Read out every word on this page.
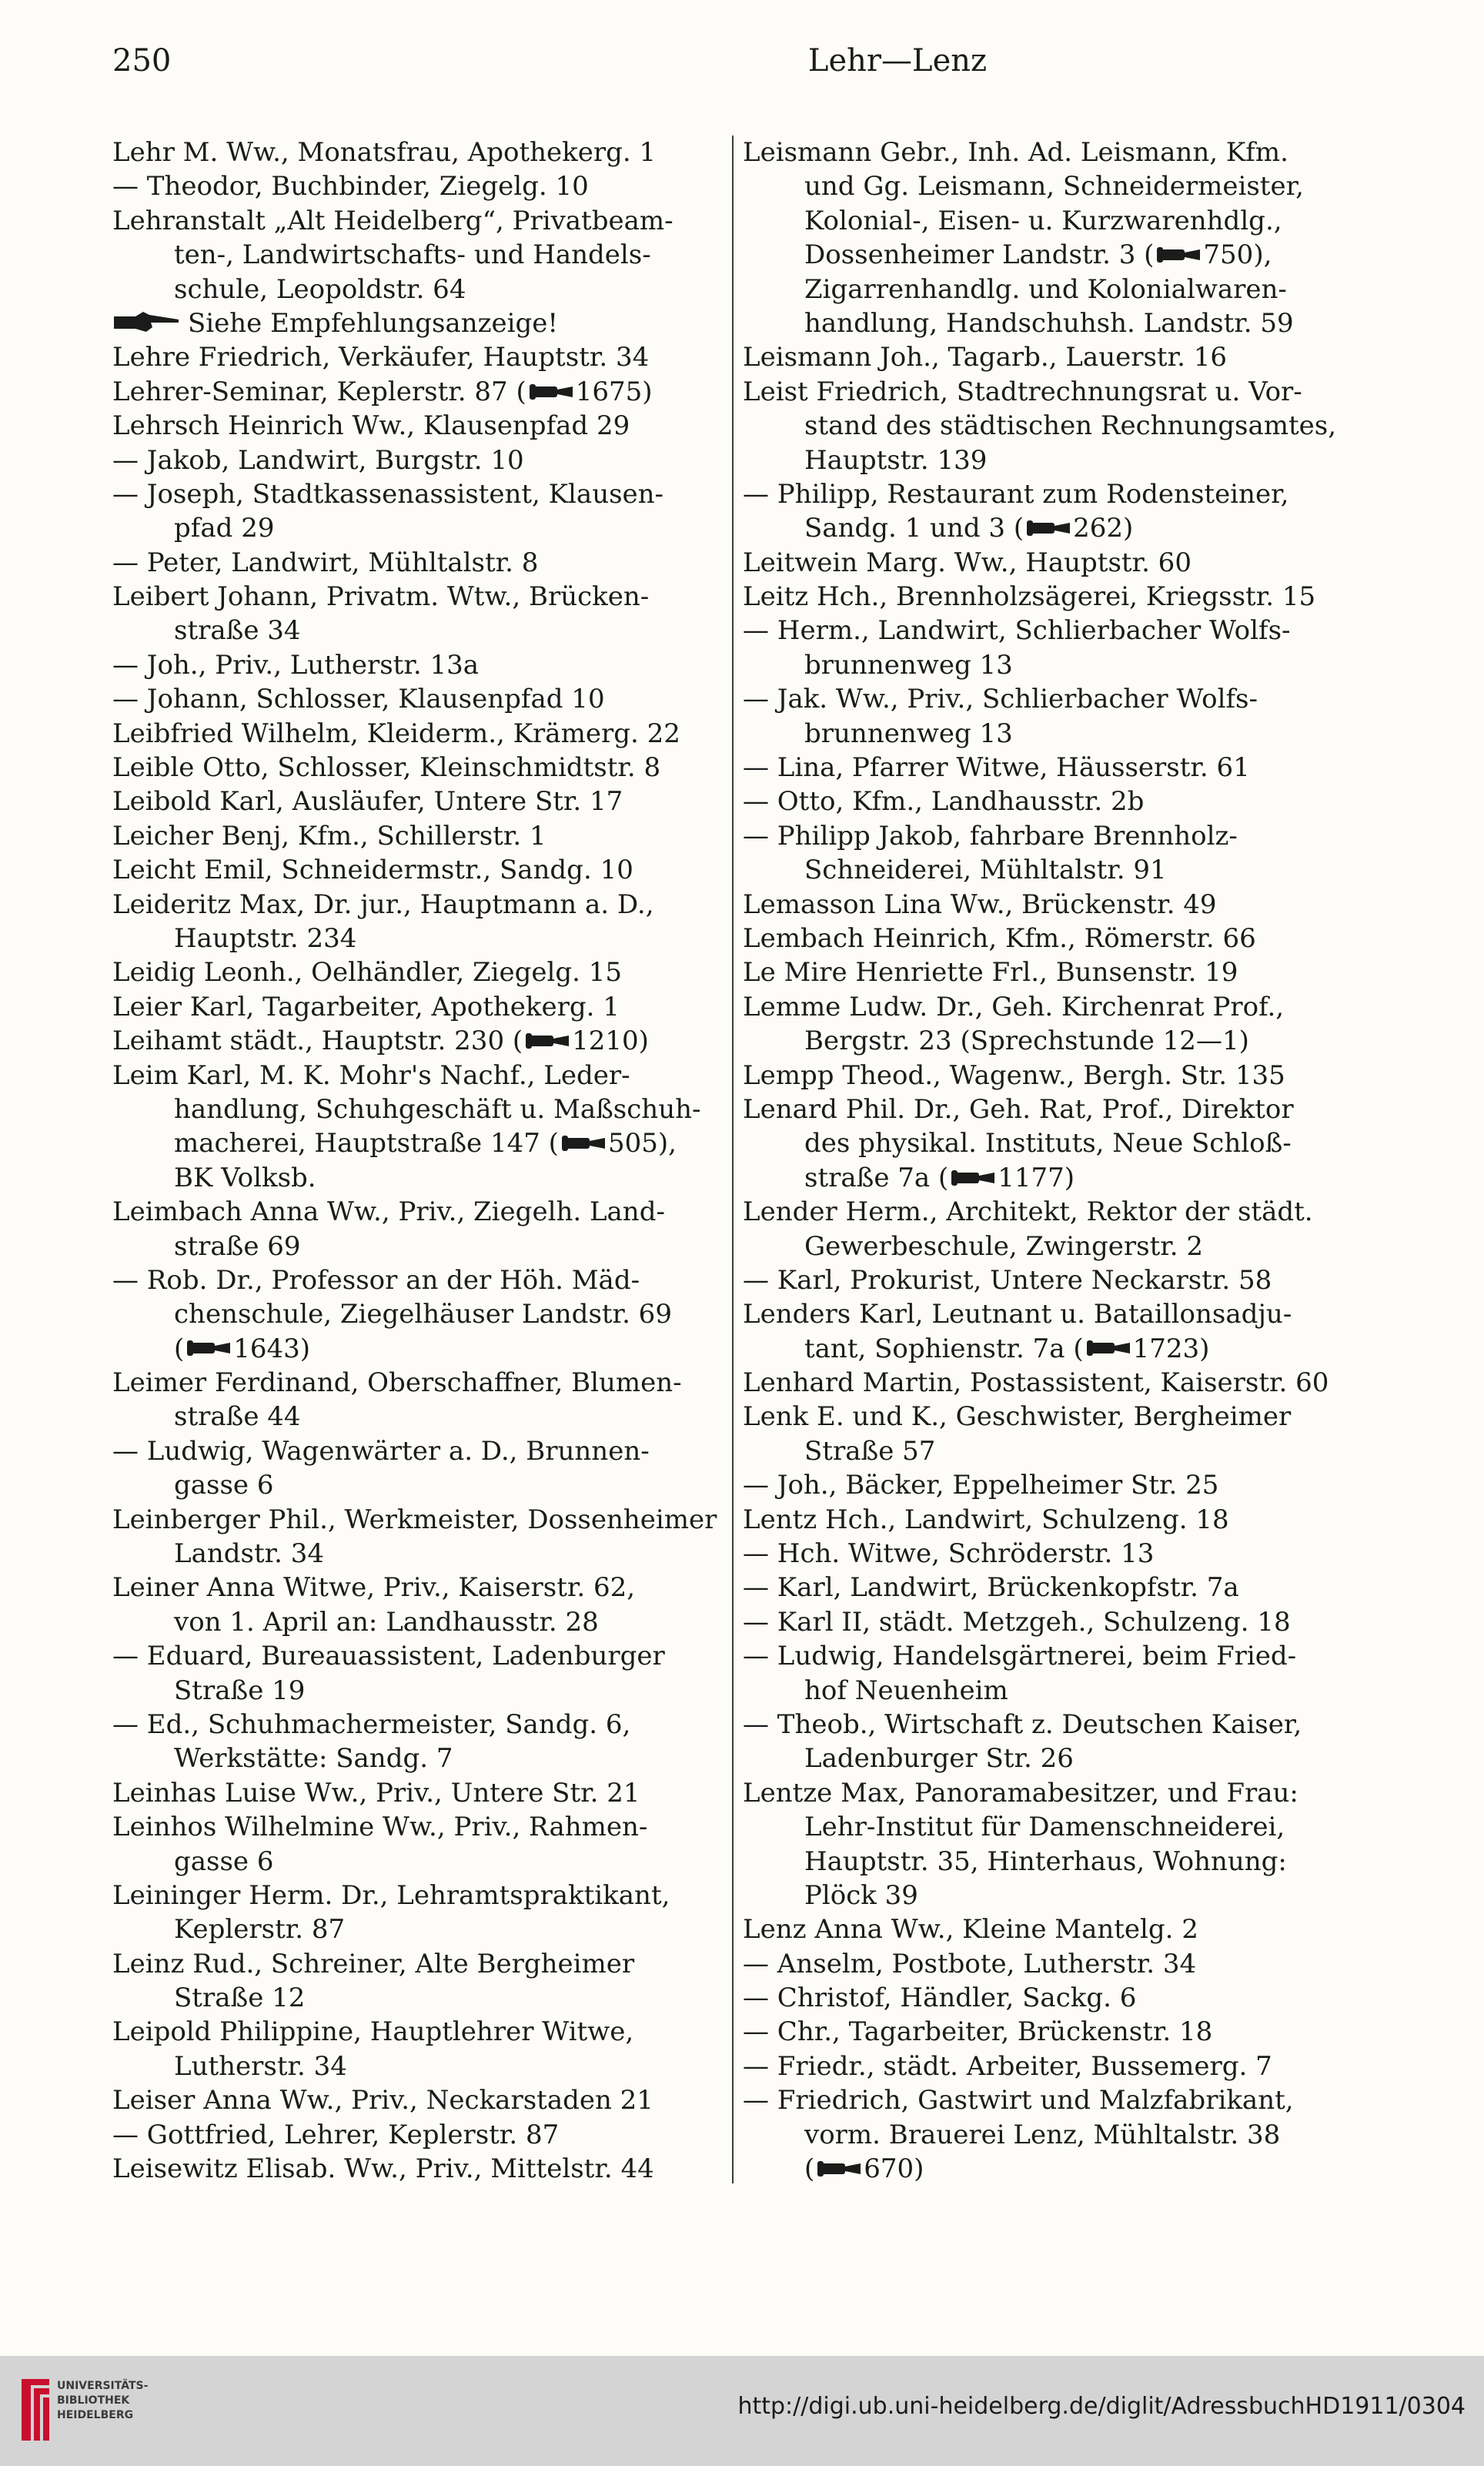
250	Lehr—Lenz
Lehr M. Ww., Monatsfrau, Apothekerg. 1
— Theodor, Buchbinder, Ziegelg. 10
Lehranstalt „Alt Heidelberg“, Privatbeam-
ten-, Landwirtschafts- und Handels-
schule, Leopoldstr. 64
Siehe Empfehlungsanzeige!
Lehre Friedrich, Verkäufer, Hauptstr. 34
Lehrer-Seminar, Keplerstr. 87 ( 1675)
Lehrsch Heinrich Ww., Klausenpfad 29
— Jakob, Landwirt, Burgstr. 10
— Joseph, Stadtkassenassistent, Klausen-
pfad 29
— Peter, Landwirt, Mühltalstr. 8
Leibert Johann, Privatm. Wtw., Brücken-
straße 34
— Joh., Priv., Lutherstr. 13a
— Johann, Schlosser, Klausenpfad 10
Leibfried Wilhelm, Kleiderm., Krämerg. 22
Leible Otto, Schlosser, Kleinschmidtstr. 8
Leibold Karl, Ausläufer, Untere Str. 17
Leicher Benj, Kfm., Schillerstr. 1
Leicht Emil, Schneidermstr., Sandg. 10
Leideritz Max, Dr. jur., Hauptmann a. D.,
Hauptstr. 234
Leidig Leonh., Oelhändler, Ziegelg. 15
Leier Karl, Tagarbeiter, Apothekerg. 1
Leihamt städt., Hauptstr. 230 ( 1210)
Leim Karl, M. K. Mohr's Nachf., Leder-
handlung, Schuhgeschäft u. Maßschuh-
macherei, Hauptstraße 147 ( 505),
BK Volksb.
Leimbach Anna Ww., Priv., Ziegelh. Land-
straße 69
— Rob. Dr., Professor an der Höh. Mäd-
chenschule, Ziegelhäuser Landstr. 69
( 1643)
Leimer Ferdinand, Oberschaffner, Blumen-
straße 44
— Ludwig, Wagenwärter a. D., Brunnen-
gasse 6
Leinberger Phil., Werkmeister, Dossenheimer
Landstr. 34
Leiner Anna Witwe, Priv., Kaiserstr. 62,
von 1. April an: Landhausstr. 28
— Eduard, Bureauassistent, Ladenburger
Straße 19
— Ed., Schuhmachermeister, Sandg. 6,
Werkstätte: Sandg. 7
Leinhas Luise Ww., Priv., Untere Str. 21
Leinhos Wilhelmine Ww., Priv., Rahmen-
gasse 6
Leininger Herm. Dr., Lehramtspraktikant,
Keplerstr. 87
Leinz Rud., Schreiner, Alte Bergheimer
Straße 12
Leipold Philippine, Hauptlehrer Witwe,
Lutherstr. 34
Leiser Anna Ww., Priv., Neckarstaden 21
— Gottfried, Lehrer, Keplerstr. 87
Leisewitz Elisab. Ww., Priv., Mittelstr. 44
Leismann Gebr., Inh. Ad. Leismann, Kfm.
und Gg. Leismann, Schneidermeister,
Kolonial-, Eisen- u. Kurzwarenhdlg.,
Dossenheimer Landstr. 3 ( 750),
Zigarrenhandlg. und Kolonialwaren-
handlung, Handschuhsh. Landstr. 59
Leismann Joh., Tagarb., Lauerstr. 16
Leist Friedrich, Stadtrechnungsrat u. Vor-
stand des städtischen Rechnungsamtes,
Hauptstr. 139
— Philipp, Restaurant zum Rodensteiner,
Sandg. 1 und 3 ( 262)
Leitwein Marg. Ww., Hauptstr. 60
Leitz Hch., Brennholzsägerei, Kriegsstr. 15
— Herm., Landwirt, Schlierbacher Wolfs-
brunnenweg 13
— Jak. Ww., Priv., Schlierbacher Wolfs-
brunnenweg 13
— Lina, Pfarrer Witwe, Häusserstr. 61
— Otto, Kfm., Landhausstr. 2b
— Philipp Jakob, fahrbare Brennholz-
Schneiderei, Mühltalstr. 91
Lemasson Lina Ww., Brückenstr. 49
Lembach Heinrich, Kfm., Römerstr. 66
Le Mire Henriette Frl., Bunsenstr. 19
Lemme Ludw. Dr., Geh. Kirchenrat Prof.,
Bergstr. 23 (Sprechstunde 12—1)
Lempp Theod., Wagenw., Bergh. Str. 135
Lenard Phil. Dr., Geh. Rat, Prof., Direktor
des physikal. Instituts, Neue Schloß-
straße 7a ( 1177)
Lender Herm., Architekt, Rektor der städt.
Gewerbeschule, Zwingerstr. 2
— Karl, Prokurist, Untere Neckarstr. 58
Lenders Karl, Leutnant u. Bataillonsadju-
tant, Sophienstr. 7a ( 1723)
Lenhard Martin, Postassistent, Kaiserstr. 60
Lenk E. und K., Geschwister, Bergheimer
Straße 57
— Joh., Bäcker, Eppelheimer Str. 25
Lentz Hch., Landwirt, Schulzeng. 18
— Hch. Witwe, Schröderstr. 13
— Karl, Landwirt, Brückenkopfstr. 7a
— Karl II, städt. Metzgeh., Schulzeng. 18
— Ludwig, Handelsgärtnerei, beim Fried-
hof Neuenheim
— Theob., Wirtschaft z. Deutschen Kaiser,
Ladenburger Str. 26
Lentze Max, Panoramabesitzer, und Frau:
Lehr-Institut für Damenschneiderei,
Hauptstr. 35, Hinterhaus, Wohnung:
Plöck 39
Lenz Anna Ww., Kleine Mantelg. 2
— Anselm, Postbote, Lutherstr. 34
— Christof, Händler, Sackg. 6
— Chr., Tagarbeiter, Brückenstr. 18
— Friedr., städt. Arbeiter, Bussemerg. 7
— Friedrich, Gastwirt und Malzfabrikant,
vorm. Brauerei Lenz, Mühltalstr. 38
( 670)
UNIVERSITÄTS-
BIBLIOTHEK
HEIDELBERG	http://digi.ub.uni-heidelberg.de/diglit/AdressbuchHD1911/0304
